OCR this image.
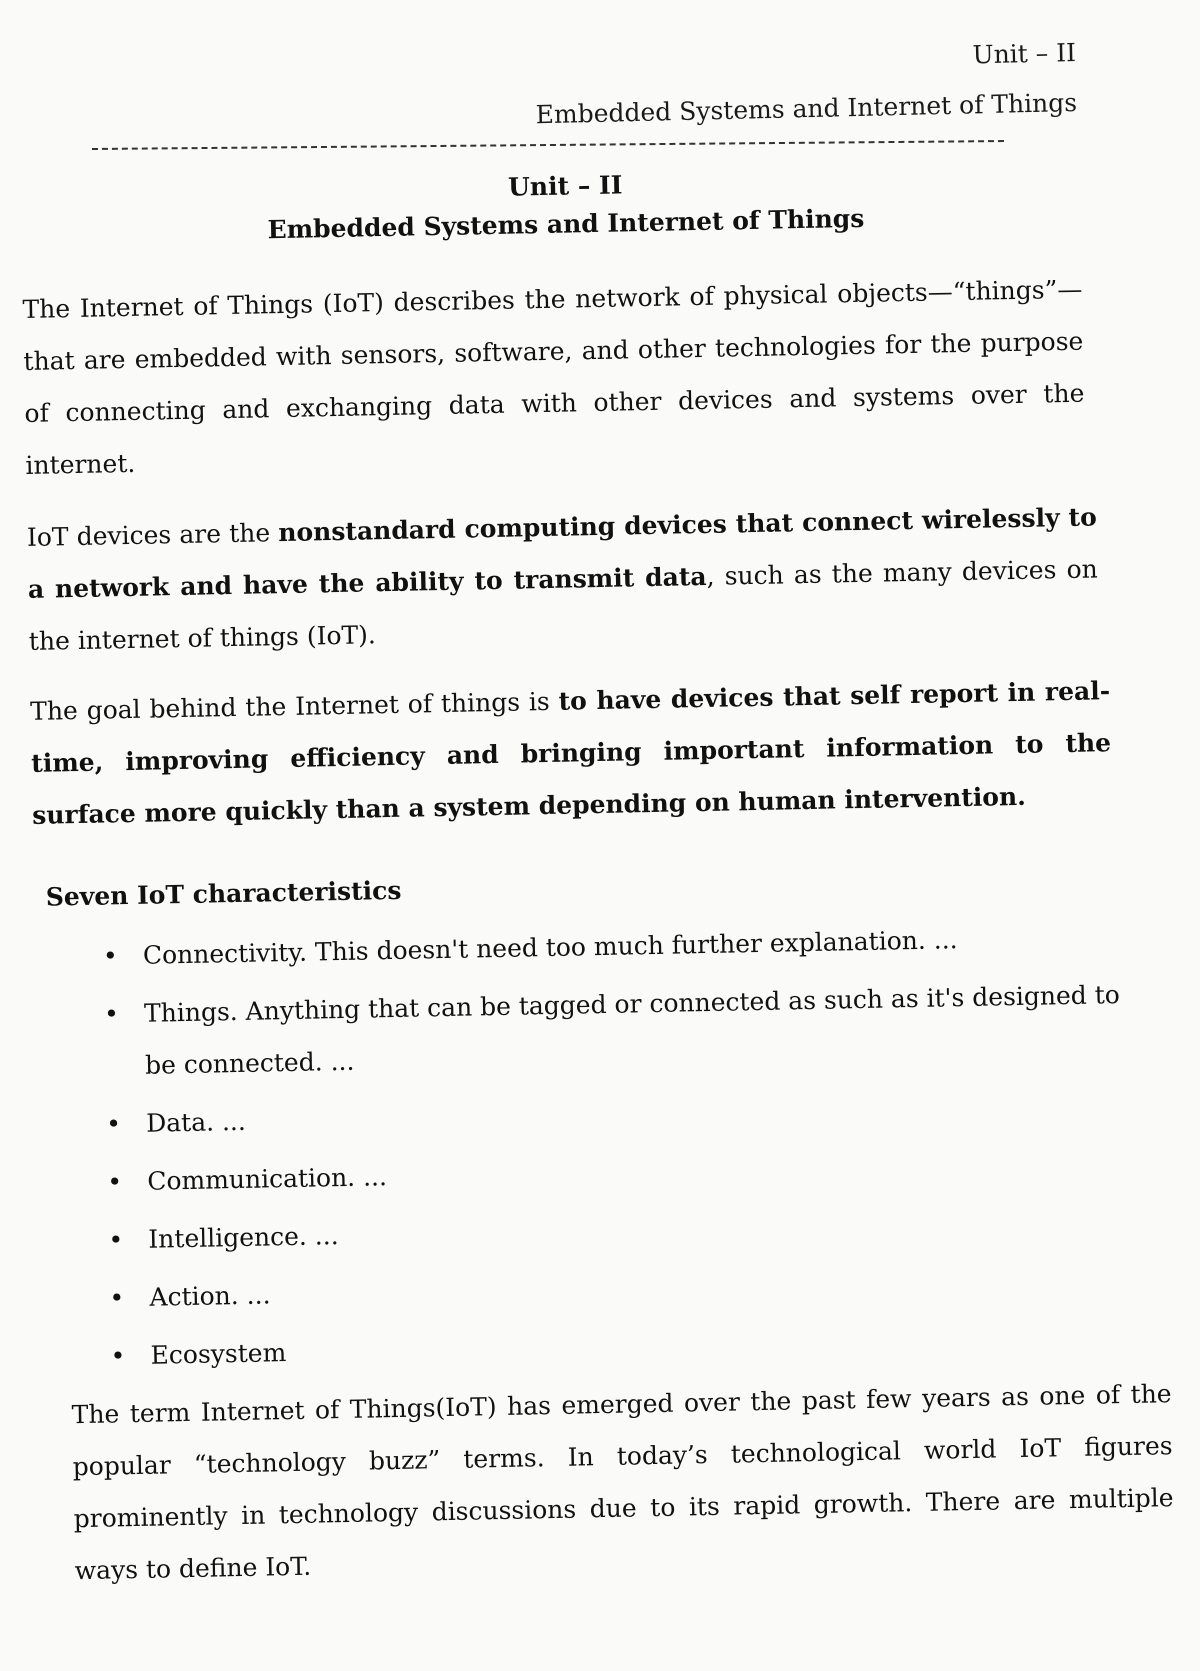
Unit – II
Embedded Systems and Internet of Things

Unit – II

Embedded Systems and Internet of Things

The Internet of Things (IoT) describes the network of physical objects—“things”—that are embedded with sensors, software, and other technologies for the purpose of connecting and exchanging data with other devices and systems over the internet.

IoT devices are the nonstandard computing devices that connect wirelessly to a network and have the ability to transmit data, such as the many devices on the internet of things (IoT).

The goal behind the Internet of things is to have devices that self report in real-time, improving efficiency and bringing important information to the surface more quickly than a system depending on human intervention.

Seven IoT characteristics

• Connectivity. This doesn't need too much further explanation. ...
• Things. Anything that can be tagged or connected as such as it's designed to be connected. ...
• Data. ...
• Communication. ...
• Intelligence. ...
• Action. ...
• Ecosystem

The term Internet of Things(IoT) has emerged over the past few years as one of the popular “technology buzz” terms. In today’s technological world IoT figures prominently in technology discussions due to its rapid growth. There are multiple ways to define IoT.
